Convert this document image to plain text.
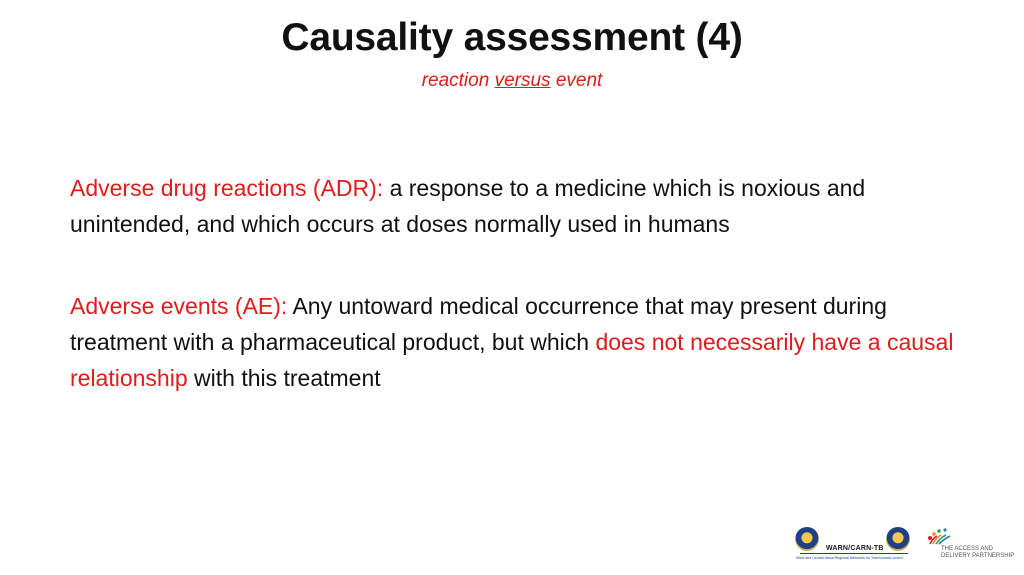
Causality assessment (4)
reaction versus event

Adverse drug reactions (ADR): a response to a medicine which is noxious and unintended, and which occurs at doses normally used in humans

Adverse events (AE): Any untoward medical occurrence that may present during treatment with a pharmaceutical product, but which does not necessarily have a causal relationship with this treatment

WARN/CARN-TB
West and Central Africa Regional Networks for Tuberculosis control
THE ACCESS AND
DELIVERY PARTNERSHIP
